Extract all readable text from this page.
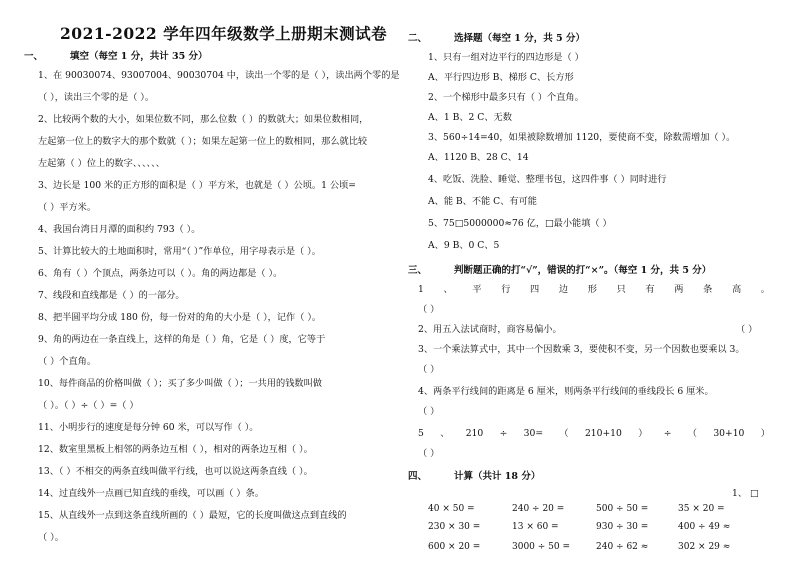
2021-2022 学年四年级数学上册期末测试卷
一、	填空（每空 1 分，共计 35 分）
1、在 90030074、93007004、90030704 中，读出一个零的是（ ），读出两个零的是
（ ），读出三个零的是（ ）。
2、比较两个数的大小，如果位数不同，那么位数（ ）的数就大；如果位数相同，
左起第一位上的数字大的那个数就（ ）；如果左起第一位上的数相同，那么就比较
左起第（ ）位上的数字、、、、、、
3、边长是 100 米的正方形的面积是（ ）平方米，也就是（ ）公顷。1 公顷=
（ ）平方米。
4、我国台湾日月潭的面积约 793（ ）。
5、计算比较大的土地面积时，常用“（ ）”作单位，用字母表示是（ ）。
6、角有（ ）个顶点，两条边可以（ ）。角的两边都是（ ）。
7、线段和直线都是（ ）的一部分。
8、把半圆平均分成 180 份，每一份对的角的大小是（ ），记作（ ）。
9、角的两边在一条直线上，这样的角是（ ）角，它是（ ）度，它等于
（ ）个直角。
10、每件商品的价格叫做（ ）；买了多少叫做（ ）；一共用的钱数叫做
（ ）。（ ）÷（ ）=（ ）
11、小明步行的速度是每分钟 60 米，可以写作（ ）。
12、数室里黑板上相邻的两条边互相（ ），相对的两条边互相（ ）。
13、（ ）不相交的两条直线叫做平行线，也可以说这两条直线（ ）。
14、过直线外一点画已知直线的垂线，可以画（ ）条。
15、从直线外一点到这条直线所画的（ ）最短，它的长度叫做这点到直线的
（ ）。
二、	选择题（每空 1 分，共 5 分）
1、只有一组对边平行的四边形是（ ）
A、平行四边形 B、梯形 C、长方形
2、一个梯形中最多只有（ ）个直角。
A、1 B、2 C、无数
3、560÷14=40，如果被除数增加 1120，要使商不变，除数需增加（ ）。
A、1120 B、28 C、14
4、吃饭、洗脸、睡觉、整理书包，这四件事（ ）同时进行
A、能 B、不能 C、有可能
5、75□5000000≈76 亿，□最小能填（ ）
A、9 B、0 C、5
三、	判断题正确的打“√”，错误的打“×”。（每空 1 分，共 5 分）
1 、 平 行 四 边 形 只 有 两 条 高 。
（ ）
2、用五入法试商时，商容易偏小。	（ ）
3、一个乘法算式中，其中一个因数乘 3，要使积不变，另一个因数也要乘以 3。
（ ）
4、两条平行线间的距离是 6 厘米，则两条平行线间的垂线段长 6 厘米。
（ ）
5 、 210 ÷ 30= （ 210+10 ） ÷ （ 30+10 ）
（ ）
四、	计算（共计 18 分）
1、 □
40 × 50 =	240 ÷ 20 =	500 ÷ 50 =	35 × 20 =
230 × 30 =	13 × 60 =	930 ÷ 30 =	400 ÷ 49 ≈
600 × 20 =	3000 ÷ 50 =	240 ÷ 62 ≈	302 × 29 ≈
